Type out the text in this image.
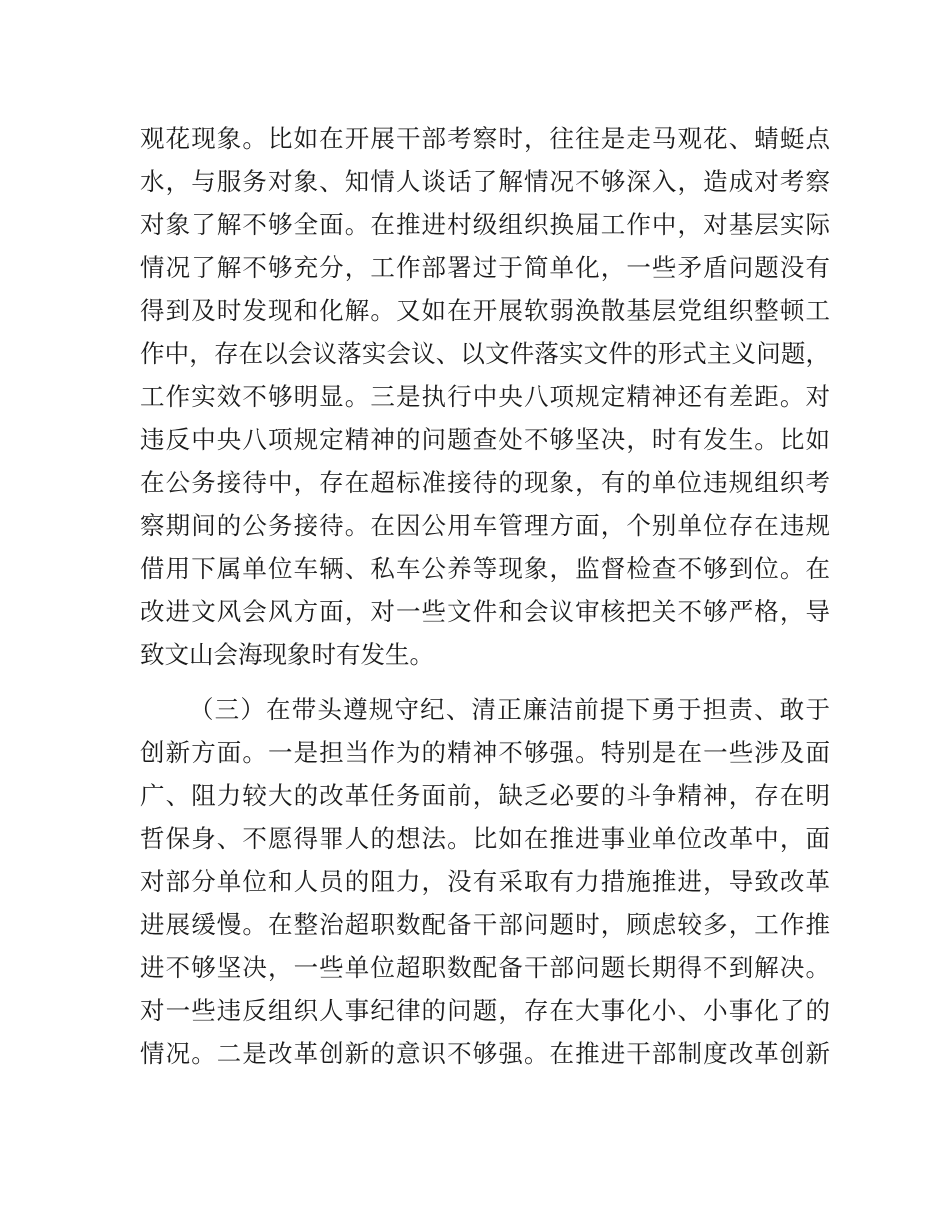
观花现象。比如在开展干部考察时，往往是走马观花、蜻蜓点
水，与服务对象、知情人谈话了解情况不够深入，造成对考察
对象了解不够全面。在推进村级组织换届工作中，对基层实际
情况了解不够充分，工作部署过于简单化，一些矛盾问题没有
得到及时发现和化解。又如在开展软弱涣散基层党组织整顿工
作中，存在以会议落实会议、以文件落实文件的形式主义问题，
工作实效不够明显。三是执行中央八项规定精神还有差距。对
违反中央八项规定精神的问题查处不够坚决，时有发生。比如
在公务接待中，存在超标准接待的现象，有的单位违规组织考
察期间的公务接待。在因公用车管理方面，个别单位存在违规
借用下属单位车辆、私车公养等现象，监督检查不够到位。在
改进文风会风方面，对一些文件和会议审核把关不够严格，导
致文山会海现象时有发生。
（三）在带头遵规守纪、清正廉洁前提下勇于担责、敢于
创新方面。一是担当作为的精神不够强。特别是在一些涉及面
广、阻力较大的改革任务面前，缺乏必要的斗争精神，存在明
哲保身、不愿得罪人的想法。比如在推进事业单位改革中，面
对部分单位和人员的阻力，没有采取有力措施推进，导致改革
进展缓慢。在整治超职数配备干部问题时，顾虑较多，工作推
进不够坚决，一些单位超职数配备干部问题长期得不到解决。
对一些违反组织人事纪律的问题，存在大事化小、小事化了的
情况。二是改革创新的意识不够强。在推进干部制度改革创新
